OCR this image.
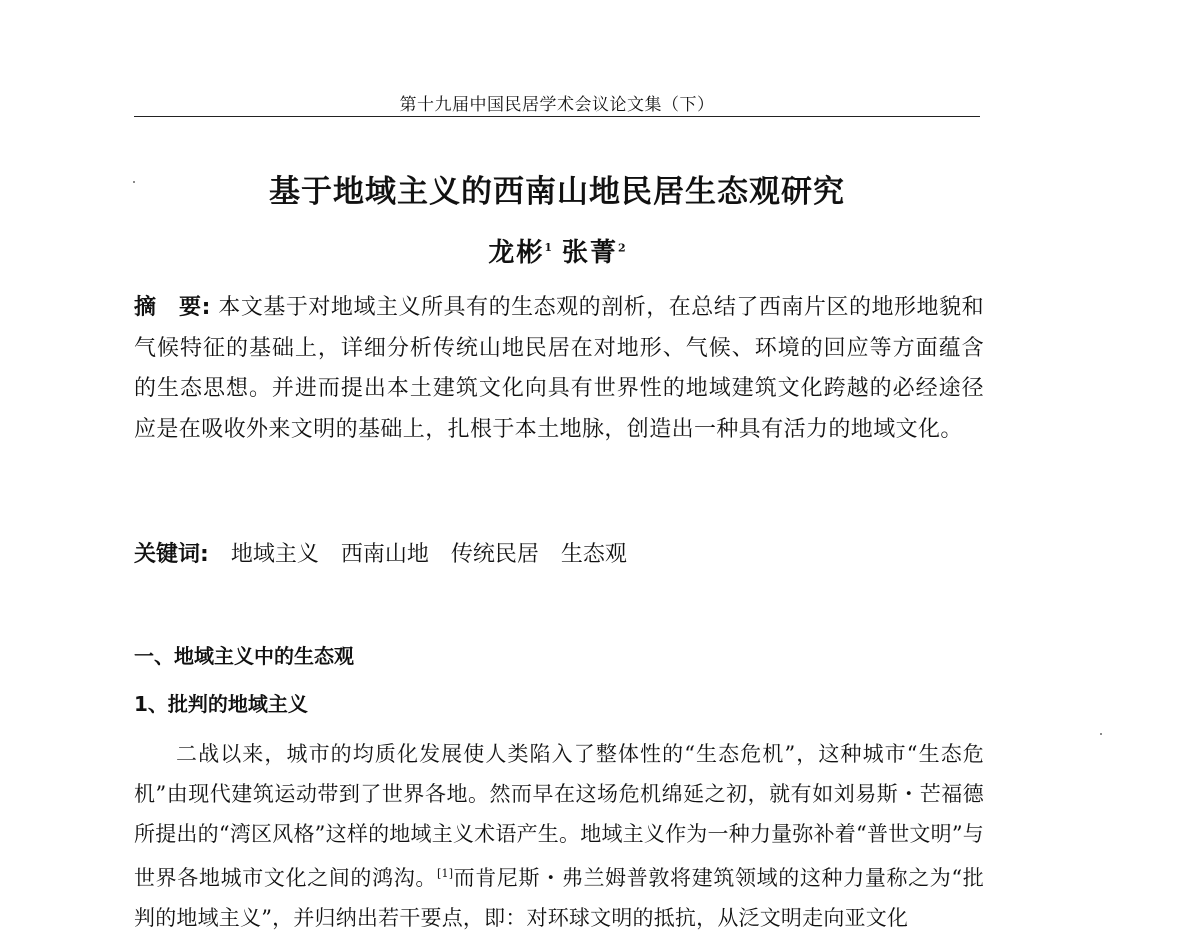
第十九届中国民居学术会议论文集（下）
基于地域主义的西南山地民居生态观研究
龙彬$^1$ 张菁$^2$
摘　要: 本文基于对地域主义所具有的生态观的剖析，在总结了西南片区的地形地貌和气候特征的基础上，详细分析传统山地民居在对地形、气候、环境的回应等方面蕴含的生态思想。并进而提出本土建筑文化向具有世界性的地域建筑文化跨越的必经途径应是在吸收外来文明的基础上，扎根于本土地脉，创造出一种具有活力的地域文化。
关键词: 地域主义 西南山地 传统民居 生态观
一、地域主义中的生态观
1、批判的地域主义
二战以来，城市的均质化发展使人类陷入了整体性的“生态危机”，这种城市“生态危机”由现代建筑运动带到了世界各地。然而早在这场危机绵延之初，就有如刘易斯・芒福德所提出的“湾区风格”这样的地域主义术语产生。地域主义作为一种力量弥补着“普世文明”与世界各地城市文化之间的鸿沟。[1]而肯尼斯・弗兰姆普敦将建筑领域的这种力量称之为“批判的地域主义”，并归纳出若干要点，即：对环球文明的抵抗，从泛文明走向亚文化
